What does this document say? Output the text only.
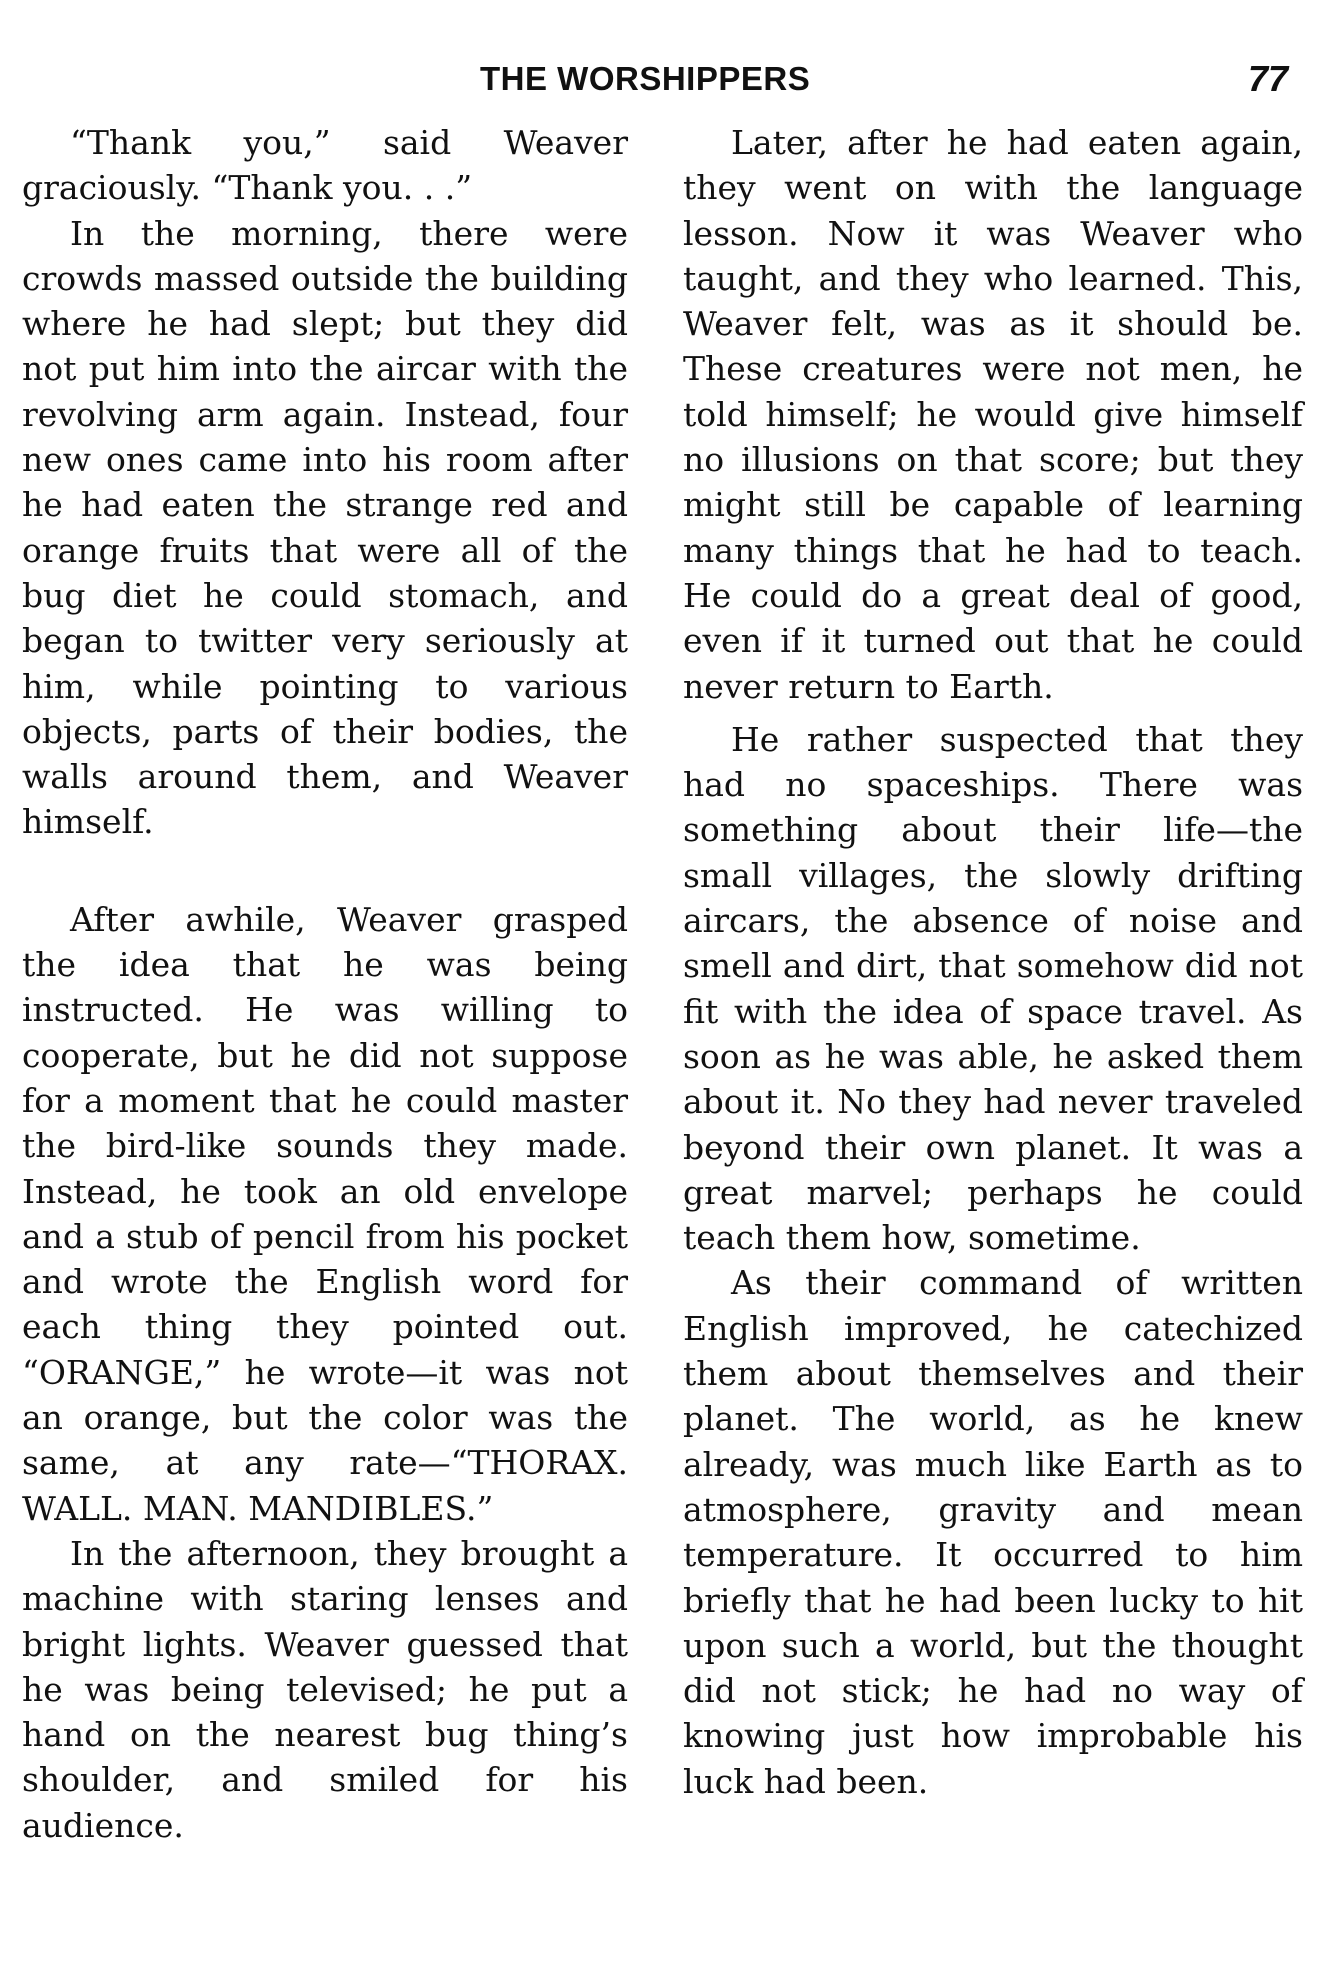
THE WORSHIPPERS	77

“Thank you,” said Weaver graciously. “Thank you. . .”

In the morning, there were crowds massed outside the building where he had slept; but they did not put him into the aircar with the revolving arm again. Instead, four new ones came into his room after he had eaten the strange red and orange fruits that were all of the bug diet he could stomach, and began to twitter very seriously at him, while pointing to various objects, parts of their bodies, the walls around them, and Weaver himself.

After awhile, Weaver grasped the idea that he was being instructed. He was willing to cooperate, but he did not suppose for a moment that he could master the bird-like sounds they made. Instead, he took an old envelope and a stub of pencil from his pocket and wrote the English word for each thing they pointed out. “ORANGE,” he wrote—it was not an orange, but the color was the same, at any rate—“THORAX. WALL. MAN. MANDIBLES.”

In the afternoon, they brought a machine with staring lenses and bright lights. Weaver guessed that he was being televised; he put a hand on the nearest bug thing’s shoulder, and smiled for his audience.

Later, after he had eaten again, they went on with the language lesson. Now it was Weaver who taught, and they who learned. This, Weaver felt, was as it should be. These creatures were not men, he told himself; he would give himself no illusions on that score; but they might still be capable of learning many things that he had to teach. He could do a great deal of good, even if it turned out that he could never return to Earth.

He rather suspected that they had no spaceships. There was something about their life—the small villages, the slowly drifting aircars, the absence of noise and smell and dirt, that somehow did not fit with the idea of space travel. As soon as he was able, he asked them about it. No they had never traveled beyond their own planet. It was a great marvel; perhaps he could teach them how, sometime.

As their command of written English improved, he catechized them about themselves and their planet. The world, as he knew already, was much like Earth as to atmosphere, gravity and mean temperature. It occurred to him briefly that he had been lucky to hit upon such a world, but the thought did not stick; he had no way of knowing just how improbable his luck had been.
